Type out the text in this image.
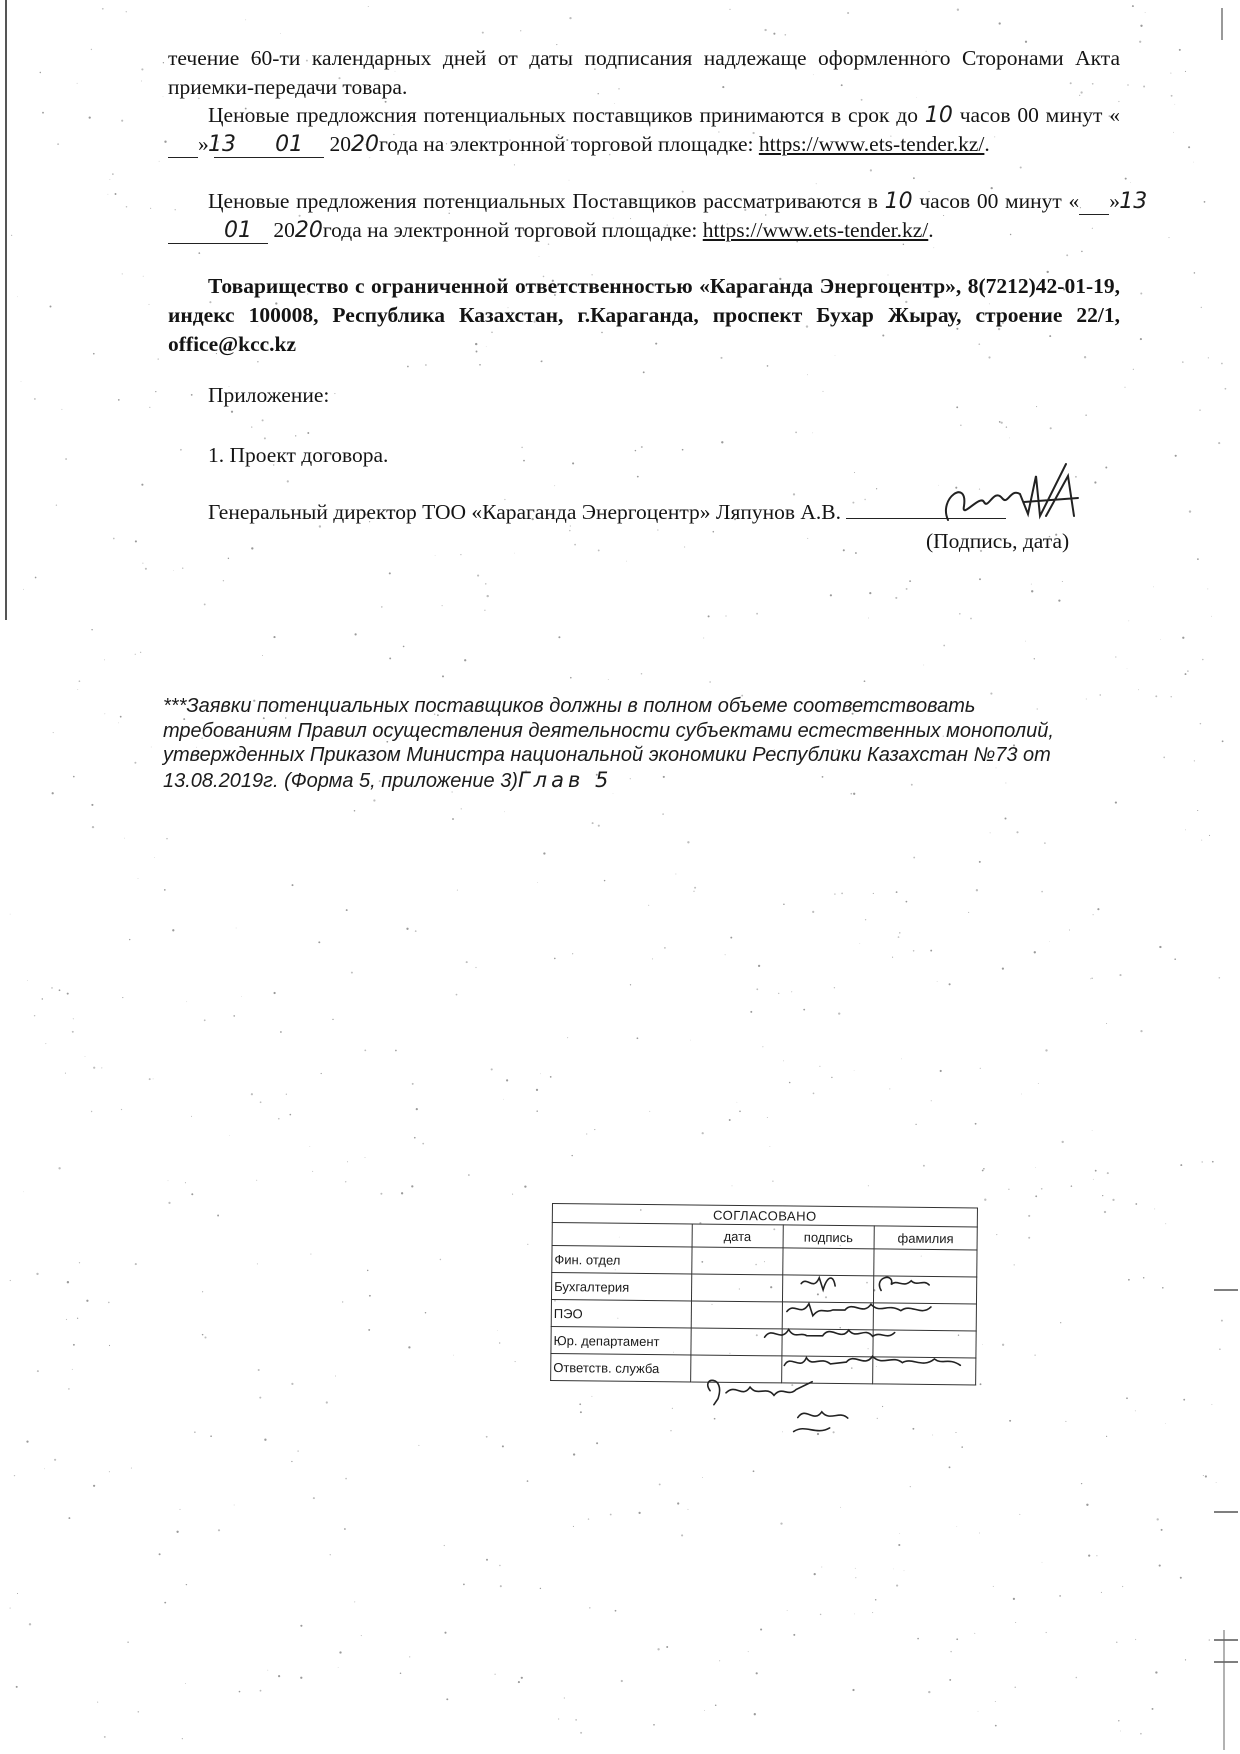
течение 60-ти календарных дней от даты подписания надлежаще оформленного Сторонами Акта приемки-передачи товара.
Ценовые предложсния потенциальных поставщиков принимаются в срок до 10 часов 00 минут «13»	01 2020года на электронной торговой площадке: https://www.ets-tender.kz/.
Ценовые предложения потенциальных Поставщиков рассматриваются в 10 часов 00 минут « 13» 01 2020года на электронной торговой площадке: https://www.ets-tender.kz/.
Товарищество с ограниченной ответственностью «Караганда Энергоцентр», 8(7212)42-01-19, индекс 100008, Республика Казахстан, г.Караганда, проспект Бухар Жырау, строение 22/1, office@kcc.kz
Приложение:
1. Проект договора.
Генеральный директор ТОО «Караганда Энергоцентр» Ляпунов А.В.
(Подпись, дата)
***Заявки потенциальных поставщиков должны в полном объеме соответствовать требованиям Правил осуществления деятельности субъектами естественных монополий, утвержденных Приказом Министра национальной экономики Республики Казахстан №73 от 13.08.2019г. (Форма 5, приложение 3)Глав 5
СОГЛАСОВАНО			
	дата	подпись	фамилия
Фин. отдел			
Бухгалтерия			
ПЭО			
Юр. департамент			
Ответств. служба			
